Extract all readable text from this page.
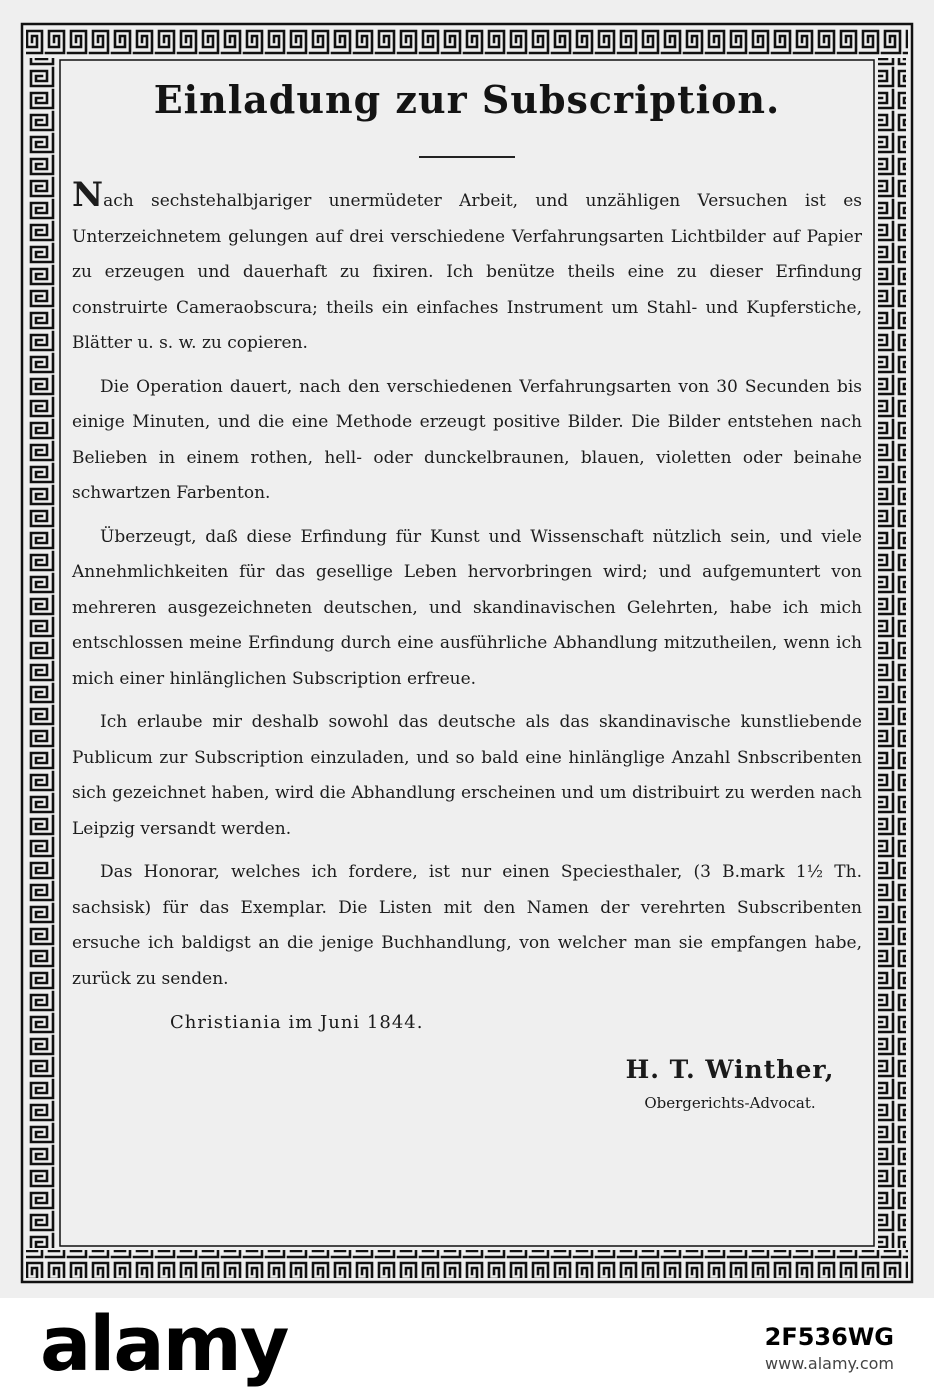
Einladung zur Subscription.

Nach sechstehalbjariger unermüdeter Arbeit, und unzähligen Versuchen ist es Unterzeichnetem gelungen auf drei verschiedene Verfahrungsarten Lichtbilder auf Papier zu erzeugen und dauerhaft zu fixiren. Ich benütze theils eine zu dieser Erfindung construirte Cameraobscura; theils ein einfaches Instrument um Stahl- und Kupferstiche, Blätter u. s. w. zu copieren.

Die Operation dauert, nach den verschiedenen Verfahrungsarten von 30 Secunden bis einige Minuten, und die eine Methode erzeugt positive Bilder. Die Bilder entstehen nach Belieben in einem rothen, hell- oder dunckelbraunen, blauen, violetten oder beinahe schwartzen Farbenton.

Überzeugt, daß diese Erfindung für Kunst und Wissenschaft nützlich sein, und viele Annehmlichkeiten für das gesellige Leben hervorbringen wird; und aufgemuntert von mehreren ausgezeichneten deutschen, und skandinavischen Gelehrten, habe ich mich entschlossen meine Erfindung durch eine ausführliche Abhandlung mitzutheilen, wenn ich mich einer hinlänglichen Subscription erfreue.

Ich erlaube mir deshalb sowohl das deutsche als das skandinavische kunstliebende Publicum zur Subscription einzuladen, und so bald eine hinlänglige Anzahl Snbscribenten sich gezeichnet haben, wird die Abhandlung erscheinen und um distribuirt zu werden nach Leipzig versandt werden.

Das Honorar, welches ich fordere, ist nur einen Speciesthaler, (3 B.mark 1½ Th. sachsisk) für das Exemplar. Die Listen mit den Namen der verehrten Subscribenten ersuche ich baldigst an die jenige Buchhandlung, von welcher man sie empfangen habe, zurück zu senden.

Christiania im Juni 1844.

H. T. Winther,
Obergerichts-Advocat.
alamy	2F536WG
www.alamy.com
